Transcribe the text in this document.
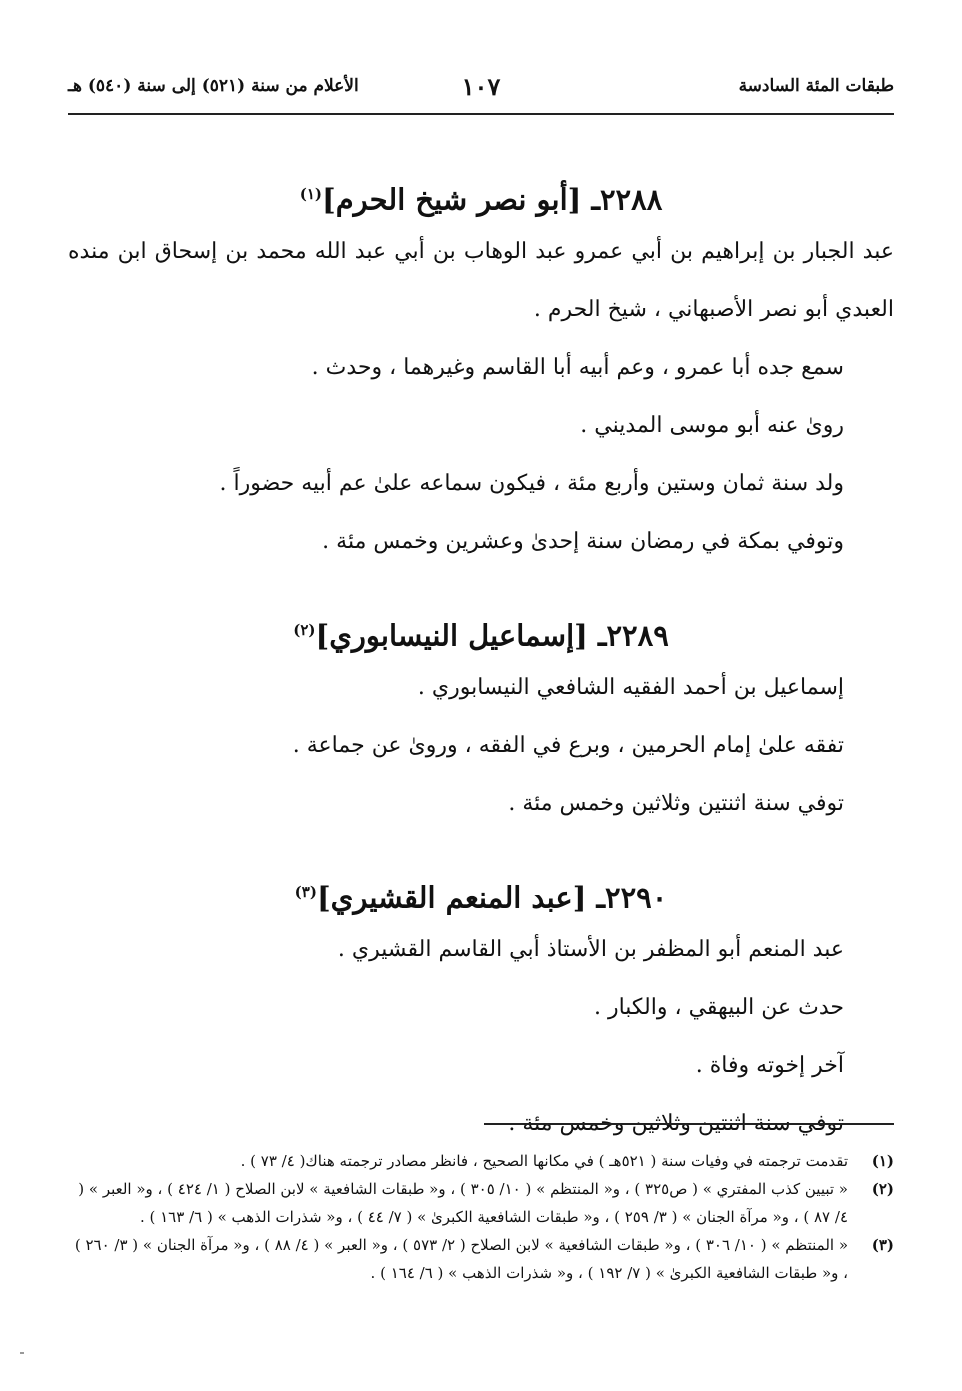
طبقات المئة السادسة
١٠٧
الأعلام من سنة (٥٢١) إلى سنة (٥٤٠) هـ
٢٢٨٨ـ [أبو نصر شيخ الحرم]$^{(١)}$
عبد الجبار بن إبراهيم بن أبي عمرو عبد الوهاب بن أبي عبد الله محمد بن إسحاق ابن منده العبدي أبو نصر الأصبهاني ، شيخ الحرم .
سمع جده أبا عمرو ، وعم أبيه أبا القاسم وغيرهما ، وحدث .
رویٰ عنه أبو موسى المديني .
ولد سنة ثمان وستين وأربع مئة ، فيكون سماعه علىٰ عم أبيه حضوراً .
وتوفي بمكة في رمضان سنة إحدىٰ وعشرين وخمس مئة .
٢٢٨٩ـ [إسماعيل النيسابوري]$^{(٢)}$
إسماعيل بن أحمد الفقيه الشافعي النيسابوري .
تفقه علىٰ إمام الحرمين ، وبرع في الفقه ، ورویٰ عن جماعة .
توفي سنة اثنتين وثلاثين وخمس مئة .
٢٢٩٠ـ [عبد المنعم القشيري]$^{(٣)}$
عبد المنعم أبو المظفر بن الأستاذ أبي القاسم القشيري .
حدث عن البيهقي ، والكبار .
آخر إخوته وفاة .
توفي سنة اثنتين وثلاثين وخمس مئة .
(١)
تقدمت ترجمته في وفيات سنة ( ٥٢١هـ ) في مكانها الصحيح ، فانظر مصادر ترجمته هناك( ٤/ ٧٣ ) .
(٢)
« تبيين كذب المفتري » ( ص٣٢٥ ) ، و« المنتظم » ( ١٠/ ٣٠٥ ) ، و« طبقات الشافعية » لابن الصلاح ( ١/ ٤٢٤ ) ، و« العبر » ( ٤/ ٨٧ ) ، و« مرآة الجنان » ( ٣/ ٢٥٩ ) ، و« طبقات الشافعية الكبرىٰ » ( ٧/ ٤٤ ) ، و« شذرات الذهب » ( ٦/ ١٦٣ ) .
(٣)
« المنتظم » ( ١٠/ ٣٠٦ ) ، و« طبقات الشافعية » لابن الصلاح ( ٢/ ٥٧٣ ) ، و« العبر » ( ٤/ ٨٨ ) ، و« مرآة الجنان » ( ٣/ ٢٦٠ ) ، و« طبقات الشافعية الكبرىٰ » ( ٧/ ١٩٢ ) ، و« شذرات الذهب » ( ٦/ ١٦٤ ) .
